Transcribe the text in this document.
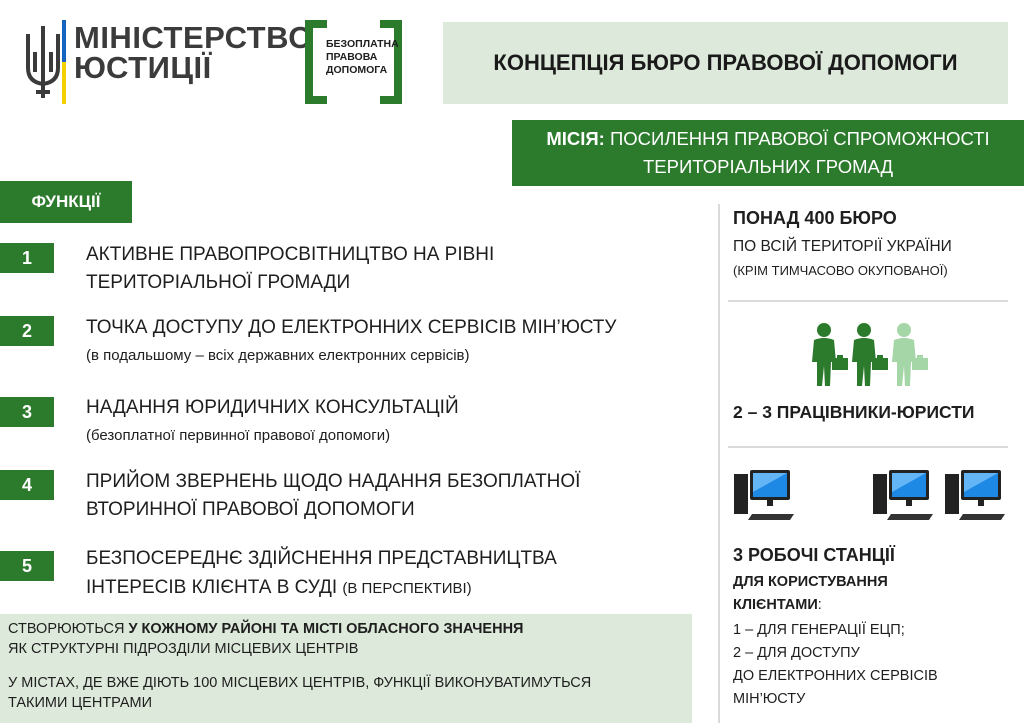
МІНІСТЕРСТВО
ЮСТИЦІЇ
БЕЗОПЛАТНА
ПРАВОВА
ДОПОМОГА	КОНЦЕПЦІЯ БЮРО ПРАВОВОЇ ДОПОМОГИ
МІСІЯ: ПОСИЛЕННЯ ПРАВОВОЇ СПРОМОЖНОСТІ
ТЕРИТОРІАЛЬНИХ ГРОМАД
ФУНКЦІЇ
1	АКТИВНЕ ПРАВОПРОСВІТНИЦТВО НА РІВНІ
ТЕРИТОРІАЛЬНОЇ ГРОМАДИ
2	ТОЧКА ДОСТУПУ ДО ЕЛЕКТРОННИХ СЕРВІСІВ МІН’ЮСТУ
(в подальшому – всіх державних електронних сервісів)
3	НАДАННЯ ЮРИДИЧНИХ КОНСУЛЬТАЦІЙ
(безоплатної первинної правової допомоги)
4	ПРИЙОМ ЗВЕРНЕНЬ ЩОДО НАДАННЯ БЕЗОПЛАТНОЇ
ВТОРИННОЇ ПРАВОВОЇ ДОПОМОГИ
5	БЕЗПОСЕРЕДНЄ ЗДІЙСНЕННЯ ПРЕДСТАВНИЦТВА
ІНТЕРЕСІВ КЛІЄНТА В СУДІ (В ПЕРСПЕКТИВІ)
СТВОРЮЮТЬСЯ У КОЖНОМУ РАЙОНІ ТА МІСТІ ОБЛАСНОГО ЗНАЧЕННЯ
ЯК СТРУКТУРНІ ПІДРОЗДІЛИ МІСЦЕВИХ ЦЕНТРІВ
У МІСТАХ, ДЕ ВЖЕ ДІЮТЬ 100 МІСЦЕВИХ ЦЕНТРІВ, ФУНКЦІЇ ВИКОНУВАТИМУТЬСЯ
ТАКИМИ ЦЕНТРАМИ
ПОНАД 400 БЮРО
ПО ВСІЙ ТЕРИТОРІЇ УКРАЇНИ
(КРІМ ТИМЧАСОВО ОКУПОВАНОЇ)
2 – 3 ПРАЦІВНИКИ-ЮРИСТИ
3 РОБОЧІ СТАНЦІЇ
ДЛЯ КОРИСТУВАННЯ
КЛІЄНТАМИ:
1 – ДЛЯ ГЕНЕРАЦІЇ ЕЦП;
2 – ДЛЯ ДОСТУПУ
ДО ЕЛЕКТРОННИХ СЕРВІСІВ
МІН’ЮСТУ
